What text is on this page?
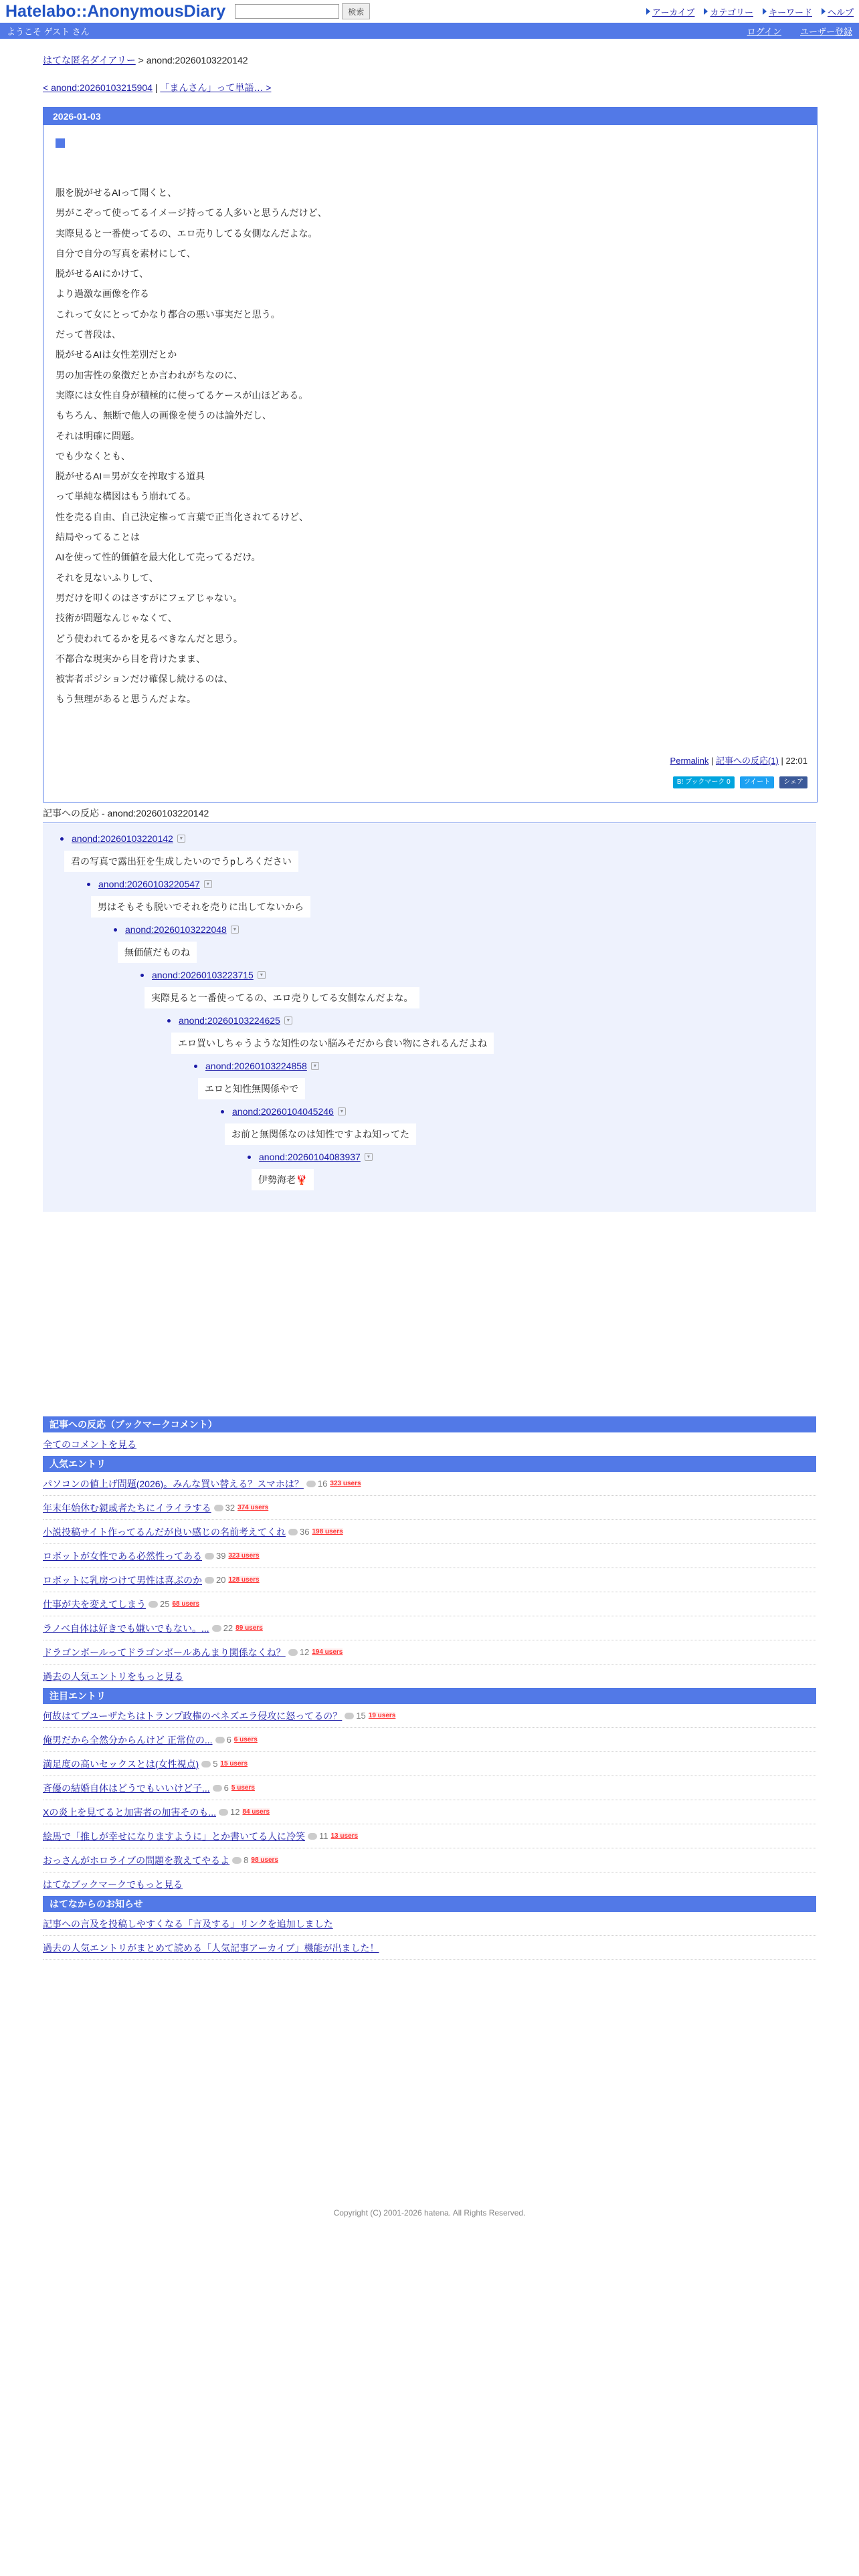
Hatelabo::AnonymousDiary	検索	アーカイブ カテゴリー キーワード ヘルプ
ようこそ ゲスト さん	ログイン ユーザー登録
はてな匿名ダイアリー > anond:20260103220142
< anond:20260103215904 | 「まんさん」って単語… >
2026-01-03
服を脱がせるAIって聞くと、
男がこぞって使ってるイメージ持ってる人多いと思うんだけど、
実際見ると一番使ってるの、エロ売りしてる女側なんだよな。
自分で自分の写真を素材にして、
脱がせるAIにかけて、
より過激な画像を作る
これって女にとってかなり都合の悪い事実だと思う。
だって普段は、
脱がせるAIは女性差別だとか
男の加害性の象徴だとか言われがちなのに、
実際には女性自身が積極的に使ってるケースが山ほどある。
もちろん、無断で他人の画像を使うのは論外だし、
それは明確に問題。
でも少なくとも、
脱がせるAI＝男が女を搾取する道具
って単純な構図はもう崩れてる。
性を売る自由、自己決定権って言葉で正当化されてるけど、
結局やってることは
AIを使って性的価値を最大化して売ってるだけ。
それを見ないふりして、
男だけを叩くのはさすがにフェアじゃない。
技術が問題なんじゃなくて、
どう使われてるかを見るべきなんだと思う。
不都合な現実から目を背けたまま、
被害者ポジションだけ確保し続けるのは、
もう無理があると思うんだよな。
Permalink | 記事への反応(1) | 22:01
B! ブックマーク 0	ツイート	シェア
記事への反応 - anond:20260103220142
anond:20260103220142	▾
君の写真で露出狂を生成したいのでうpしろください
anond:20260103220547	▾
男はそもそも脱いでそれを売りに出してないから
anond:20260103222048	▾
無価値だものね
anond:20260103223715	▾
実際見ると一番使ってるの、エロ売りしてる女側なんだよな。
anond:20260103224625	▾
エロ買いしちゃうような知性のない脳みそだから食い物にされるんだよね
anond:20260103224858	▾
エロと知性無関係やで
anond:20260104045246	▾
お前と無関係なのは知性ですよね知ってた
anond:20260104083937	▾
伊勢海老🦞
記事への反応（ブックマークコメント）
全てのコメントを見る
人気エントリ
パソコンの値上げ問題(2026)。みんな買い替える？スマホは？ 16 323 users
年末年始休む親戚者たちにイライラする 32 374 users
小説投稿サイト作ってるんだが良い感じの名前考えてくれ 36 198 users
ロボットが女性である必然性ってある 39 323 users
ロボットに乳房つけて男性は喜ぶのか 20 128 users
仕事が夫を変えてしまう 25 68 users
ラノベ自体は好きでも嫌いでもない。... 22 89 users
ドラゴンボールってドラゴンボールあんまり関係なくね？ 12 194 users
過去の人気エントリをもっと見る
注目エントリ
何故はてブユーザたちはトランプ政権のベネズエラ侵攻に怒ってるの？ 15 19 users
俺男だから全然分からんけど 正常位の... 6 6 users
満足度の高いセックスとは(女性視点) 5 15 users
斉優の結婚自体はどうでもいいけど子... 6 5 users
Xの炎上を見てると加害者の加害そのも... 12 84 users
絵馬で「推しが幸せになりますように」とか書いてる人に冷笑 11 13 users
おっさんがホロライブの問題を教えてやるよ 8 98 users
はてなブックマークでもっと見る
はてなからのお知らせ
記事への言及を投稿しやすくなる「言及する」リンクを追加しました
過去の人気エントリがまとめて読める「人気記事アーカイブ」機能が出ました！
Copyright (C) 2001-2026 hatena. All Rights Reserved.
